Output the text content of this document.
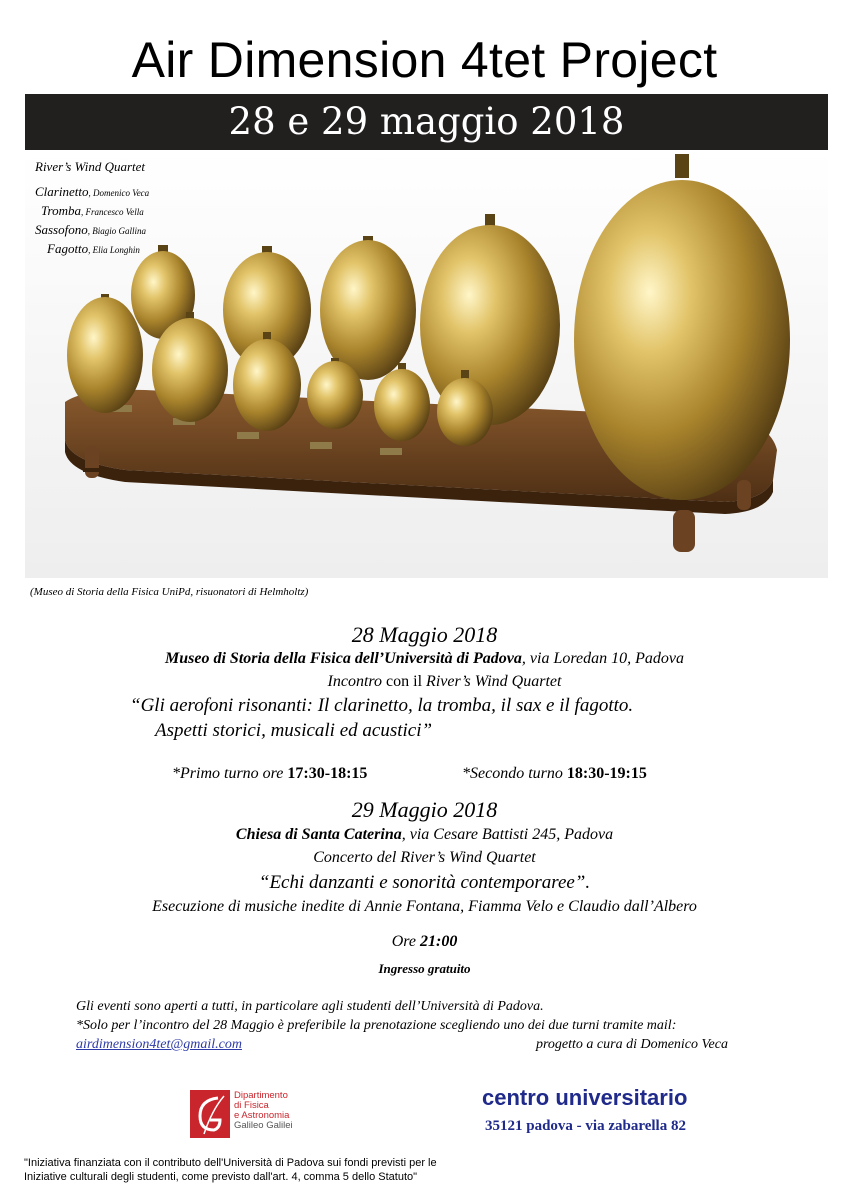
Air Dimension 4tet Project
28 e 29 maggio 2018
River’s Wind Quartet
Clarinetto, Domenico Veca
Tromba, Francesco Vella
Sassofono, Biagio Gallina
Fagotto, Elia Longhin
(Museo di Storia della Fisica UniPd, risuonatori di Helmholtz)
28 Maggio 2018
Museo di Storia della Fisica dell’Università di Padova, via Loredan 10, Padova
Incontro con il River’s Wind Quartet
“Gli aerofoni risonanti: Il clarinetto, la tromba, il sax e il fagotto.
Aspetti storici, musicali ed acustici”
*Primo turno ore 17:30-18:15	*Secondo turno 18:30-19:15
29 Maggio 2018
Chiesa di Santa Caterina, via Cesare Battisti 245, Padova
Concerto del River’s Wind Quartet
“Echi danzanti e sonorità contemporaree”.
Esecuzione di musiche inedite di Annie Fontana, Fiamma Velo e Claudio dall’Albero
Ore 21:00
Ingresso gratuito
Gli eventi sono aperti a tutti, in particolare agli studenti dell’Università di Padova.
*Solo per l’incontro del 28 Maggio è preferibile la prenotazione scegliendo uno dei due turni tramite mail:
airdimension4tet@gmail.com	progetto a cura di Domenico Veca
Dipartimento
di Fisica
e Astronomia
Galileo Galilei
centro universitario
35121 padova - via zabarella 82
"Iniziativa finanziata con il contributo dell'Università di Padova sui fondi previsti per le
Iniziative culturali degli studenti, come previsto dall'art. 4, comma 5 dello Statuto"
